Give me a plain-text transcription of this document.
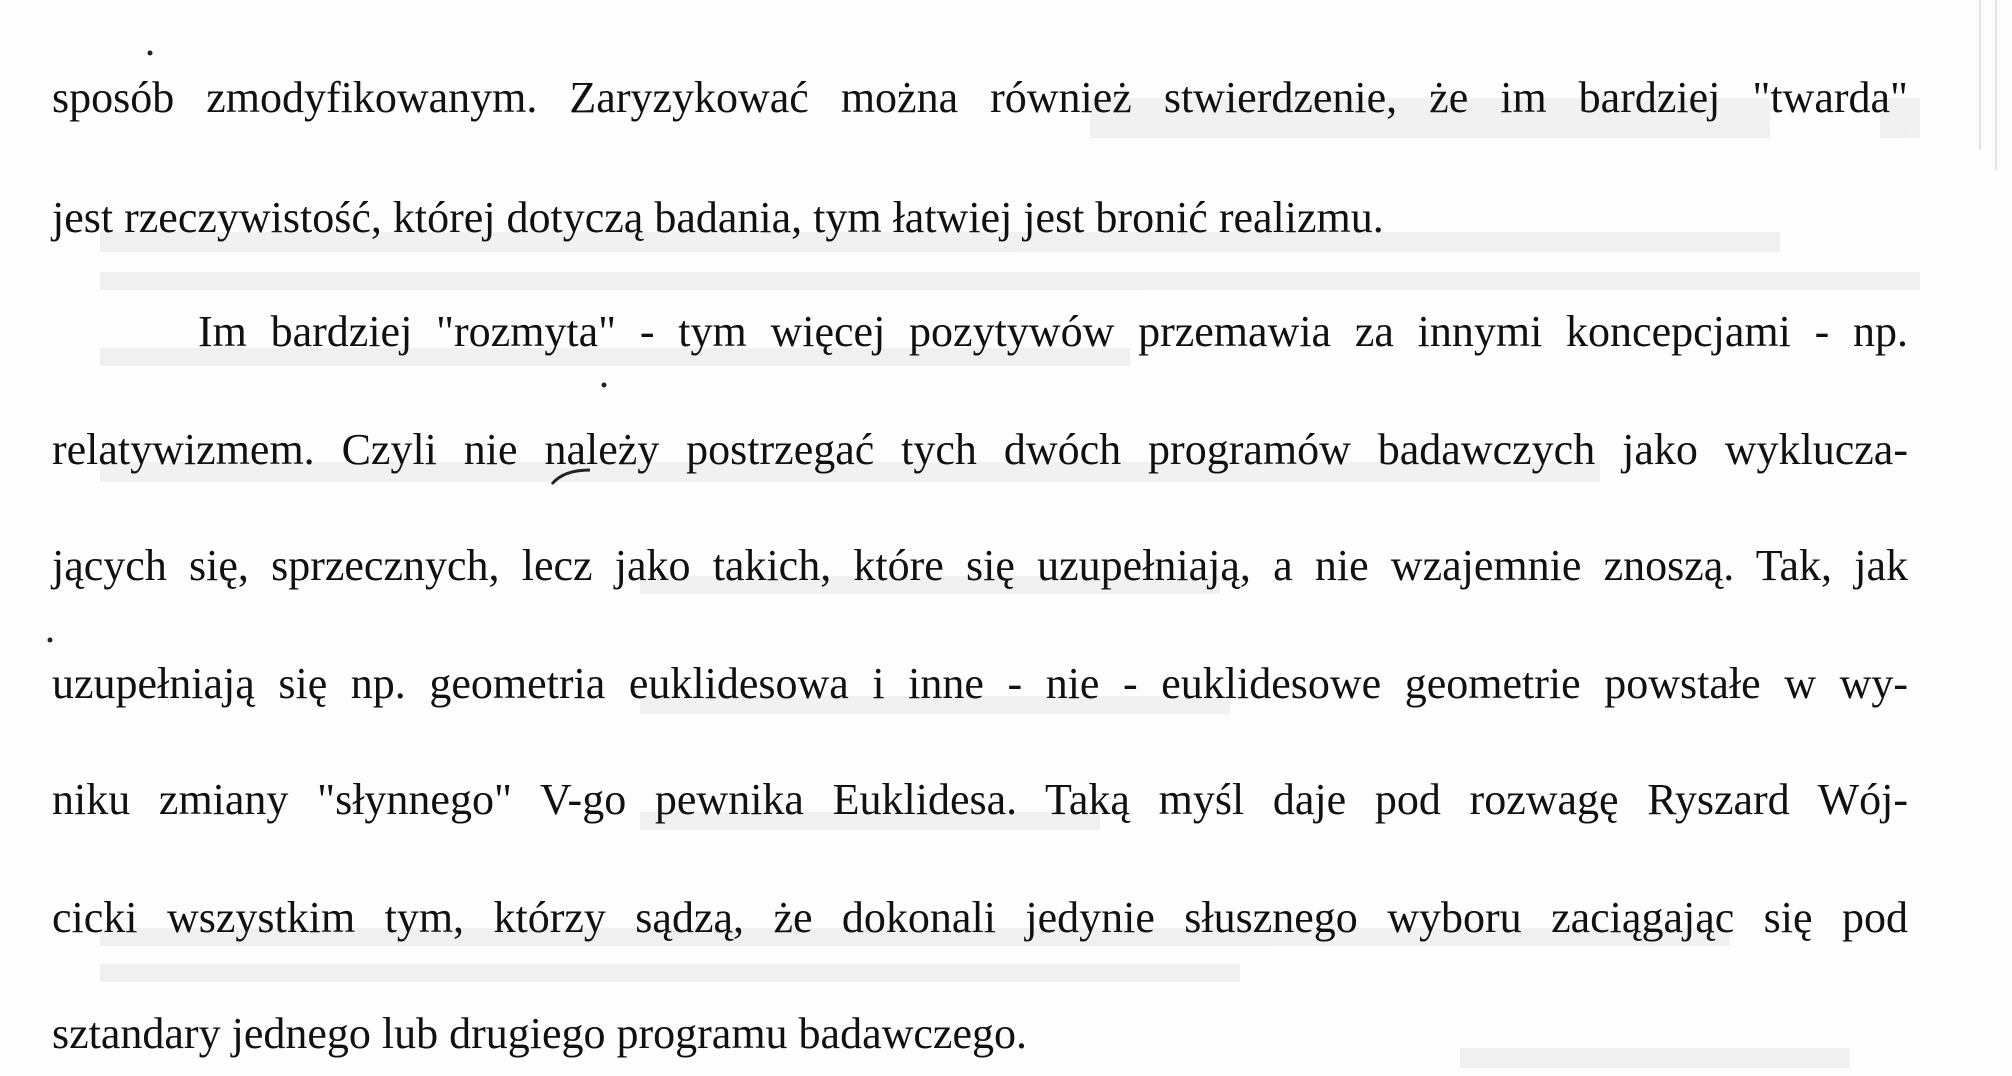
sposób zmodyfikowanym. Zaryzykować można również stwierdzenie, że im bardziej "twarda"
jest rzeczywistość, której dotyczą badania, tym łatwiej jest bronić realizmu.
Im bardziej "rozmyta" - tym więcej pozytywów przemawia za innymi koncepcjami - np.
relatywizmem. Czyli nie należy postrzegać tych dwóch programów badawczych jako wyklucza-
jących się, sprzecznych, lecz jako takich, które się uzupełniają, a nie wzajemnie znoszą. Tak, jak
uzupełniają się np. geometria euklidesowa i inne - nie - euklidesowe geometrie powstałe w wy-
niku zmiany "słynnego" V-go pewnika Euklidesa. Taką myśl daje pod rozwagę Ryszard Wój-
cicki wszystkim tym, którzy sądzą, że dokonali jedynie słusznego wyboru zaciągając się pod
sztandary jednego lub drugiego programu badawczego.
